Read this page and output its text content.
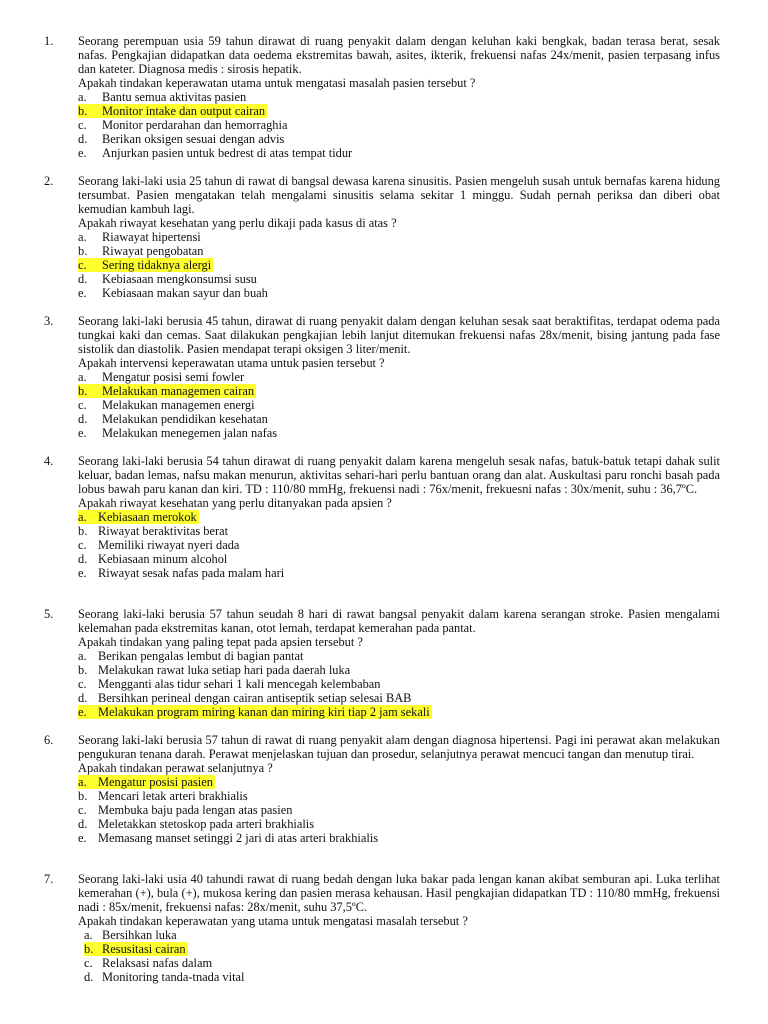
1.	Seorang perempuan usia 59 tahun dirawat di ruang penyakit dalam dengan keluhan kaki bengkak, badan terasa berat, sesak nafas. Pengkajian didapatkan data oedema ekstremitas bawah, asites, ikterik, frekuensi nafas 24x/menit, pasien terpasang infus dan kateter. Diagnosa medis : sirosis hepatik.
Apakah tindakan keperawatan utama untuk mengatasi masalah pasien tersebut ?
a.	Bantu semua aktivitas pasien
b. Monitor intake dan output cairan
c.	Monitor perdarahan dan hemorraghia
d.	Berikan oksigen sesuai dengan advis
e.	Anjurkan pasien untuk bedrest di atas tempat tidur
2.	Seorang laki-laki usia 25 tahun di rawat di bangsal dewasa karena sinusitis. Pasien mengeluh susah untuk bernafas karena hidung tersumbat. Pasien mengatakan telah mengalami sinusitis selama sekitar 1 minggu. Sudah pernah periksa dan diberi obat kemudian kambuh lagi.
Apakah riwayat kesehatan yang perlu dikaji pada kasus di atas ?
a.	Riawayat hipertensi
b.	Riwayat pengobatan
c. Sering tidaknya alergi
d.	Kebiasaan mengkonsumsi susu
e.	Kebiasaan makan sayur dan buah
3.	Seorang laki-laki berusia 45 tahun, dirawat di ruang penyakit dalam dengan keluhan sesak saat beraktifitas, terdapat odema pada tungkai kaki dan cemas. Saat dilakukan pengkajian lebih lanjut ditemukan frekuensi nafas 28x/menit, bising jantung pada fase sistolik dan diastolik. Pasien mendapat terapi oksigen 3 liter/menit.
Apakah intervensi keperawatan utama untuk pasien tersebut ?
a.	Mengatur posisi semi fowler
b. Melakukan managemen cairan
c.	Melakukan managemen energi
d.	Melakukan pendidikan kesehatan
e.	Melakukan menegemen jalan nafas
4.	Seorang laki-laki berusia 54 tahun dirawat di ruang penyakit dalam karena mengeluh sesak nafas, batuk-batuk tetapi dahak sulit keluar, badan lemas, nafsu makan menurun, aktivitas sehari-hari perlu bantuan orang dan alat. Auskultasi paru ronchi basah pada lobus bawah paru kanan dan kiri. TD : 110/80 mmHg, frekuensi nadi : 76x/menit, frekuesni nafas : 30x/menit, suhu : 36,7ºC.
Apakah riwayat kesehatan yang perlu ditanyakan pada apsien ?
a. Kebiasaan merokok
b. Riwayat beraktivitas berat
c. Memiliki riwayat nyeri dada
d. Kebiasaan minum alcohol
e. Riwayat sesak nafas pada malam hari
5.	Seorang laki-laki berusia 57 tahun seudah 8 hari di rawat bangsal penyakit dalam karena serangan stroke. Pasien mengalami kelemahan pada ekstremitas kanan, otot lemah, terdapat kemerahan pada pantat.
Apakah tindakan yang paling tepat pada apsien tersebut ?
a. Berikan pengalas lembut di bagian pantat
b. Melakukan rawat luka setiap hari pada daerah luka
c. Mengganti alas tidur sehari 1 kali mencegah kelembaban
d. Bersihkan perineal dengan cairan antiseptik setiap selesai BAB
e. Melakukan program miring kanan dan miring kiri tiap 2 jam sekali
6.	Seorang laki-laki berusia 57 tahun di rawat di ruang penyakit alam dengan diagnosa hipertensi. Pagi ini perawat akan melakukan pengukuran tenana darah. Perawat menjelaskan tujuan dan prosedur, selanjutnya perawat mencuci tangan dan menutup tirai.
Apakah tindakan perawat selanjutnya ?
a. Mengatur posisi pasien
b. Mencari letak arteri brakhialis
c. Membuka baju pada lengan atas pasien
d. Meletakkan stetoskop pada arteri brakhialis
e. Memasang manset setinggi 2 jari di atas arteri brakhialis
7.	Seorang laki-laki usia 40 tahundi rawat di ruang bedah dengan luka bakar pada lengan kanan akibat semburan api. Luka terlihat kemerahan (+), bula (+), mukosa kering dan pasien merasa kehausan. Hasil pengkajian didapatkan TD : 110/80 mmHg, frekuensi nadi : 85x/menit, frekuensi nafas: 28x/menit, suhu 37,5ºC.
Apakah tindakan keperawatan yang utama untuk mengatasi masalah tersebut ?
a. Bersihkan luka
b. Resusitasi cairan
c. Relaksasi nafas dalam
d. Monitoring tanda-tnada vital
